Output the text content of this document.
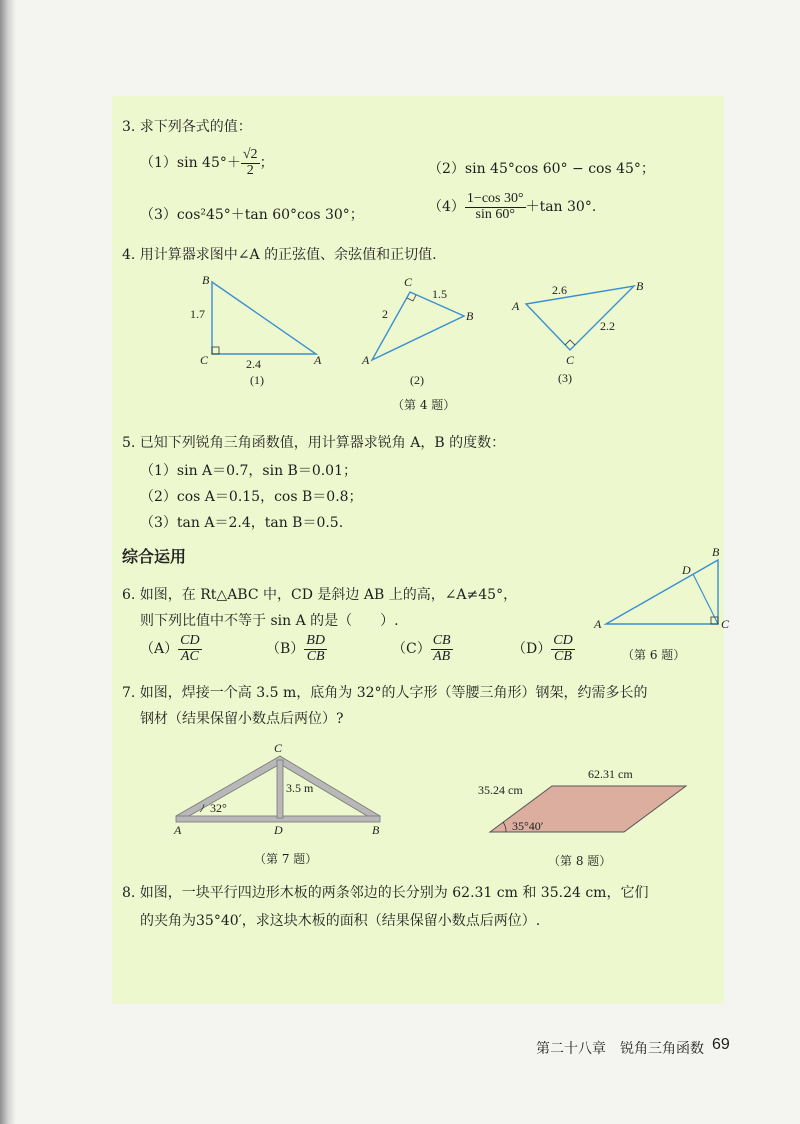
3. 求下列各式的值：
（1）sin $45^\circ+ \frac{√2}{2}$ ；	（2）sin 45°cos 60° − cos 45°；
（3）cos²45°＋tan 60°cos 30°；	$(4) \frac{1-\cos 30^\circ}{\sin 60^\circ} +\tan$ 30°.
4. 用计算器求图中∠A 的正弦值、余弦值和正切值.
B
C	A
1.7
2.4
(1)
C
B
A
1.5
2
(2)
A
B
C
2.6
2.2
(3)
（第 4 题）
5. 已知下列锐角三角函数值，用计算器求锐角 A，B 的度数：
（1）sin A＝0.7，sin B＝0.01；
（2）cos A＝0.15，cos B＝0.8；
（3）tan A＝2.4，tan B＝0.5.
综合运用
6. 如图，在 Rt△ABC 中，CD 是斜边 AB 上的高，∠A≠45°，
则下列比值中不等于 sin A 的是（　　）.
$(A) \frac{CD}{AC}$	$(B) \frac{BD}{CB}$	$(C) \frac{CB}{AB}$	$(D) \frac{CD}{CB}$
A
B
C
D
（第 6 题）
7. 如图，焊接一个高 3.5 m，底角为 32°的人字形（等腰三角形）钢架，约需多长的
钢材（结果保留小数点后两位）?
C
A	D	B
3.5 m
32°
（第 7 题）
62.31 cm
35.24 cm
35°40′
（第 8 题）
8. 如图，一块平行四边形木板的两条邻边的长分别为 62.31 cm 和 35.24 cm，它们
的夹角为35°40′，求这块木板的面积（结果保留小数点后两位）.
第二十八章　锐角三角函数 69
